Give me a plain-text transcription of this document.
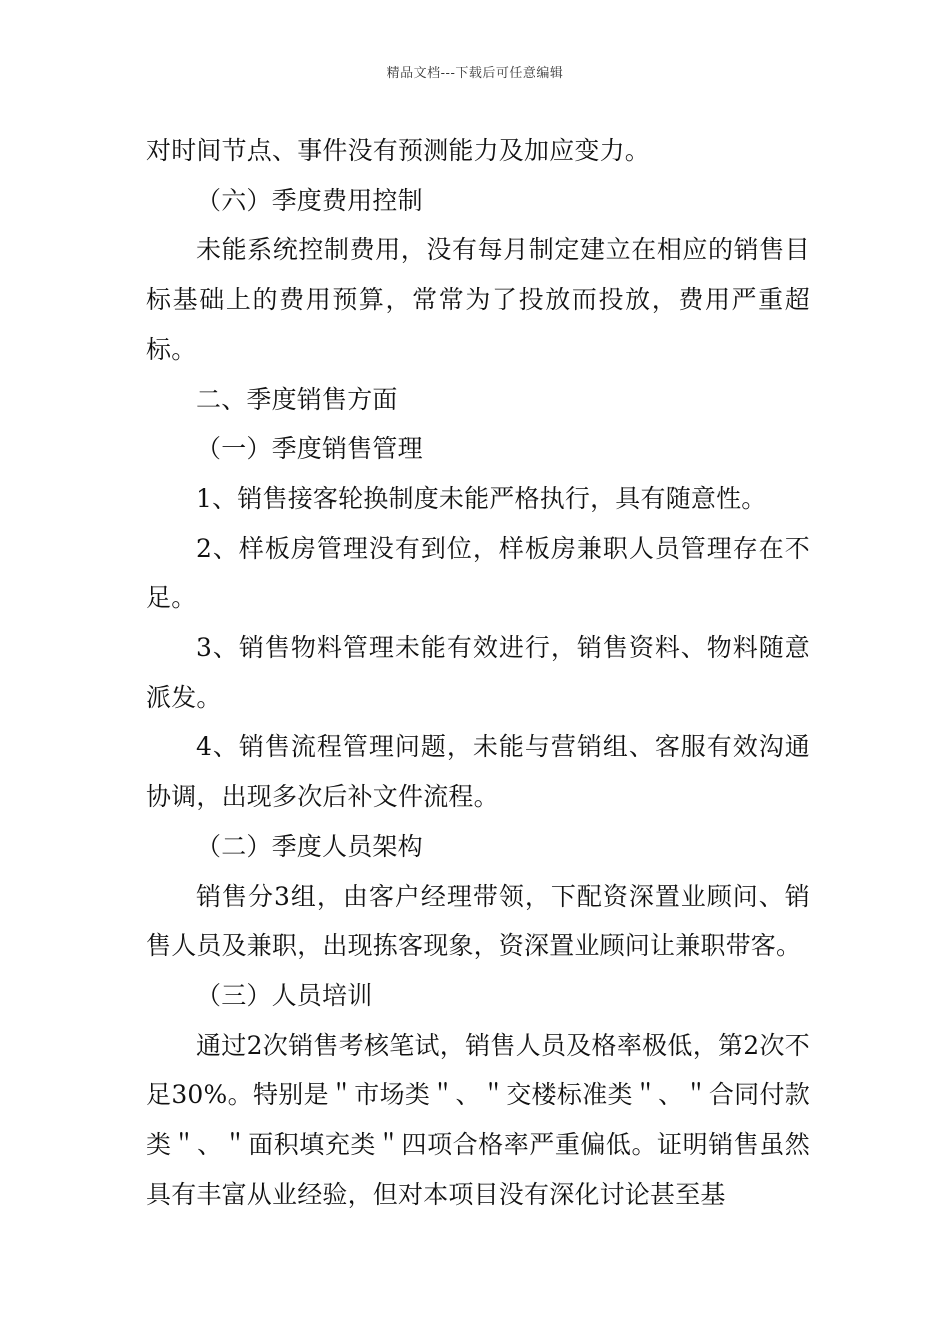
精品文档---下载后可任意编辑

对时间节点、事件没有预测能力及加应变力。

（六）季度费用控制

未能系统控制费用，没有每月制定建立在相应的销售目标基础上的费用预算，常常为了投放而投放，费用严重超标。

二、季度销售方面

（一）季度销售管理

1、销售接客轮换制度未能严格执行，具有随意性。

2、样板房管理没有到位，样板房兼职人员管理存在不足。

3、销售物料管理未能有效进行，销售资料、物料随意派发。

4、销售流程管理问题，未能与营销组、客服有效沟通协调，出现多次后补文件流程。

（二）季度人员架构

销售分3组，由客户经理带领，下配资深置业顾问、销售人员及兼职，出现拣客现象，资深置业顾问让兼职带客。

（三）人员培训

通过2次销售考核笔试，销售人员及格率极低，第2次不足30%。特别是＂市场类＂、＂交楼标准类＂、＂合同付款类＂、＂面积填充类＂四项合格率严重偏低。证明销售虽然具有丰富从业经验，但对本项目没有深化讨论甚至基
